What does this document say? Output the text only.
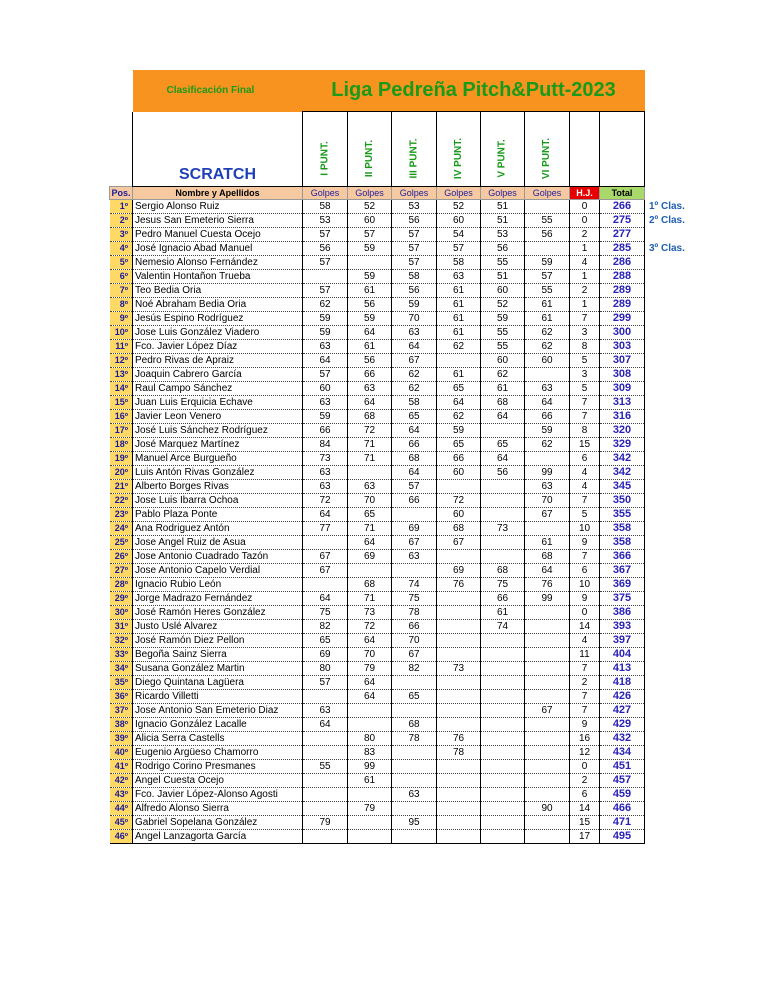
	Clasificación Final	Liga Pedreña Pitch&Putt-2023								
	SCRATCH	I PUNT.	II PUNT.	III PUNT.	IV PUNT.	V PUNT.	VI PUNT.			
Pos.	Nombre y Apellidos	Golpes	Golpes	Golpes	Golpes	Golpes	Golpes	H.J.	Total	
1º	Sergio Alonso Ruiz	58	52	53	52	51		0	266	1º Clas.
2º	Jesus San Emeterio Sierra	53	60	56	60	51	55	0	275	2º Clas.
3º	Pedro Manuel Cuesta Ocejo	57	57	57	54	53	56	2	277	
4º	José Ignacio Abad Manuel	56	59	57	57	56		1	285	3º Clas.
5º	Nemesio Alonso Fernández	57		57	58	55	59	4	286	
6º	Valentin Hontañon Trueba		59	58	63	51	57	1	288	
7º	Teo Bedia Oria	57	61	56	61	60	55	2	289	
8º	Noé Abraham Bedia Oria	62	56	59	61	52	61	1	289	
9º	Jesús Espino Rodríguez	59	59	70	61	59	61	7	299	
10º	Jose Luis González Viadero	59	64	63	61	55	62	3	300	
11º	Fco. Javier López Díaz	63	61	64	62	55	62	8	303	
12º	Pedro Rivas de Apraiz	64	56	67		60	60	5	307	
13º	Joaquin Cabrero García	57	66	62	61	62		3	308	
14º	Raul Campo Sánchez	60	63	62	65	61	63	5	309	
15º	Juan Luis Erquicia Echave	63	64	58	64	68	64	7	313	
16º	Javier Leon Venero	59	68	65	62	64	66	7	316	
17º	José Luis Sánchez Rodríguez	66	72	64	59		59	8	320	
18º	José Marquez Martínez	84	71	66	65	65	62	15	329	
19º	Manuel Arce Burgueño	73	71	68	66	64		6	342	
20º	Luis Antón Rivas González	63		64	60	56	99	4	342	
21º	Alberto Borges Rivas	63	63	57			63	4	345	
22º	Jose Luis Ibarra Ochoa	72	70	66	72		70	7	350	
23º	Pablo Plaza Ponte	64	65		60		67	5	355	
24º	Ana Rodriguez Antón	77	71	69	68	73		10	358	
25º	Jose Angel Ruiz de Asua		64	67	67		61	9	358	
26º	Jose Antonio Cuadrado Tazón	67	69	63			68	7	366	
27º	Jose Antonio Capelo Verdial	67			69	68	64	6	367	
28º	Ignacio Rubio León		68	74	76	75	76	10	369	
29º	Jorge Madrazo Fernández	64	71	75		66	99	9	375	
30º	José Ramón Heres González	75	73	78		61		0	386	
31º	Justo Uslé Alvarez	82	72	66		74		14	393	
32º	José Ramón Diez Pellon	65	64	70				4	397	
33º	Begoña Sainz Sierra	69	70	67				11	404	
34º	Susana González Martin	80	79	82	73			7	413	
35º	Diego Quintana Lagüera	57	64					2	418	
36º	Ricardo Villetti		64	65				7	426	
37º	Jose Antonio San Emeterio Diaz	63					67	7	427	
38º	Ignacio González Lacalle	64		68				9	429	
39º	Alicia Serra Castells		80	78	76			16	432	
40º	Eugenio Argüeso Chamorro		83		78			12	434	
41º	Rodrigo Corino Presmanes	55	99					0	451	
42º	Angel Cuesta Ocejo		61					2	457	
43º	Fco. Javier López-Alonso Agosti			63				6	459	
44º	Alfredo Alonso Sierra		79				90	14	466	
45º	Gabriel Sopelana González	79		95				15	471	
46º	Angel Lanzagorta García							17	495	
